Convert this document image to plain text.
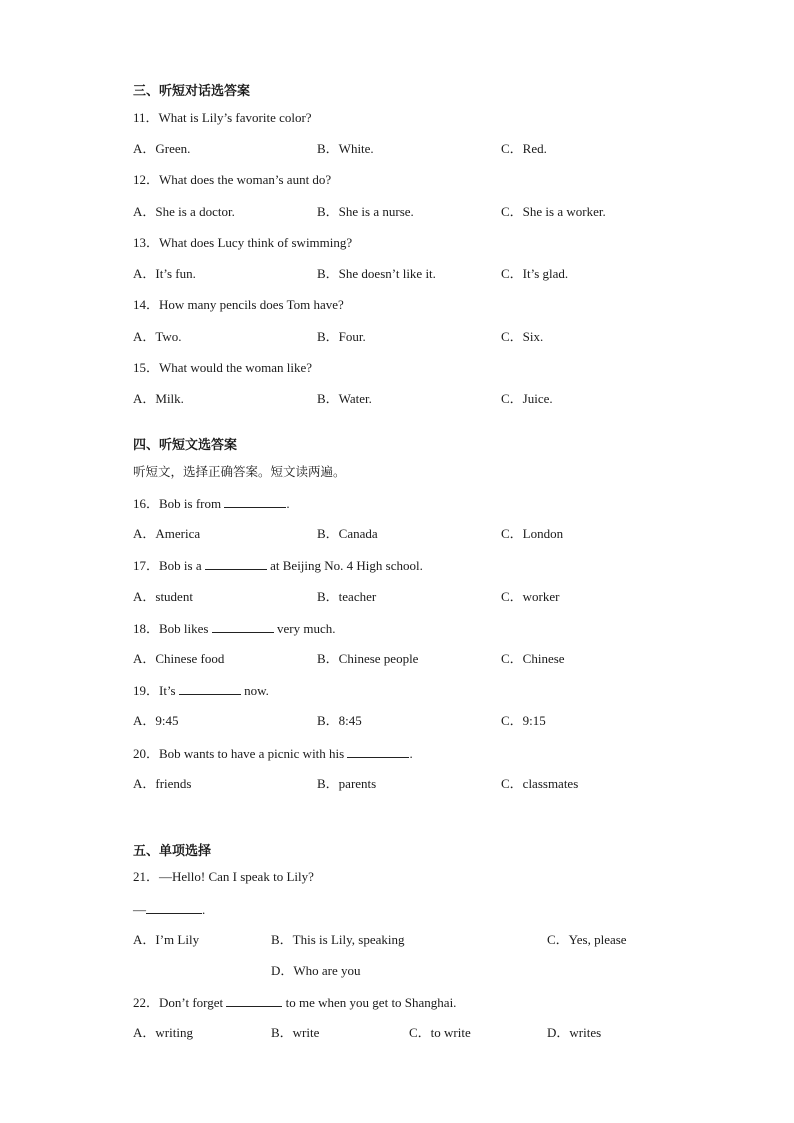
三、听短对话选答案
11．What is Lily’s favorite color?
A．Green.	B．White.	C．Red.
12．What does the woman’s aunt do?
A．She is a doctor.	B．She is a nurse.	C．She is a worker.
13．What does Lucy think of swimming?
A．It’s fun.	B．She doesn’t like it.	C．It’s glad.
14．How many pencils does Tom have?
A．Two.	B．Four.	C．Six.
15．What would the woman like?
A．Milk.	B．Water.	C．Juice.
四、听短文选答案
听短文，选择正确答案。短文读两遍。
16．Bob is from	.
A．America	B．Canada	C．London
17．Bob is a	at Beijing No. 4 High school.
A．student	B．teacher	C．worker
18．Bob likes	very much.
A．Chinese food	B．Chinese people	C．Chinese
19．It’s	now.
A．9:45	B．8:45	C．9:15
20．Bob wants to have a picnic with his	.
A．friends	B．parents	C．classmates
五、单项选择
21．—Hello! Can I speak to Lily?
—	.
A．I’m Lily	B．This is Lily, speaking	C．Yes, please
D．Who are you
22．Don’t forget	to me when you get to Shanghai.
A．writing	B．write	C．to write	D．writes
